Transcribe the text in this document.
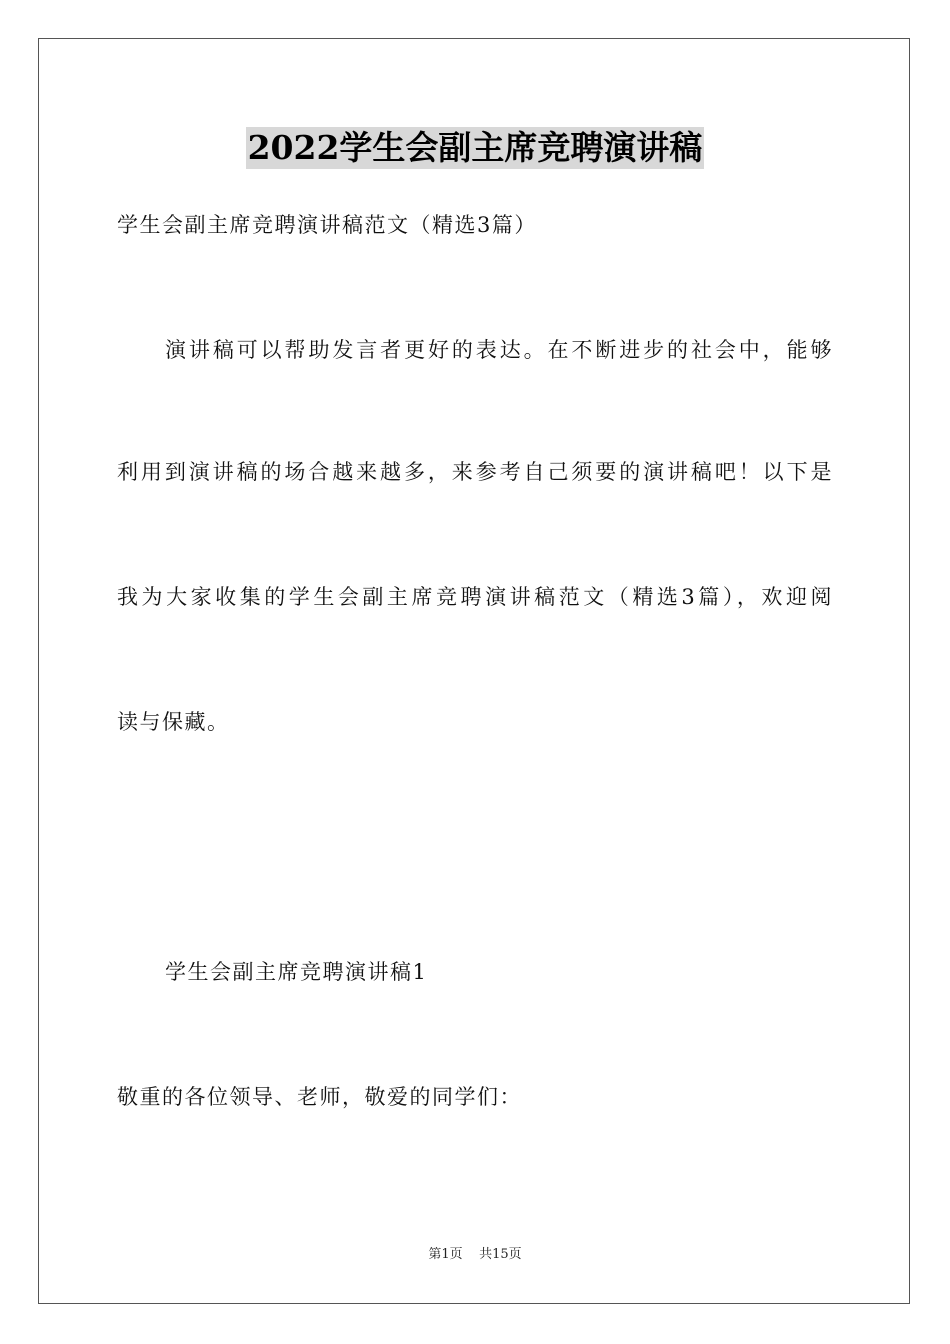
2022学生会副主席竞聘演讲稿
学生会副主席竞聘演讲稿范文（精选3篇）
演讲稿可以帮助发言者更好的表达。在不断进步的社会中，能够
利用到演讲稿的场合越来越多，来参考自己须要的演讲稿吧！以下是
我为大家收集的学生会副主席竞聘演讲稿范文（精选3篇），欢迎阅
读与保藏。
学生会副主席竞聘演讲稿1
敬重的各位领导、老师，敬爱的同学们：
第1页 共15页
